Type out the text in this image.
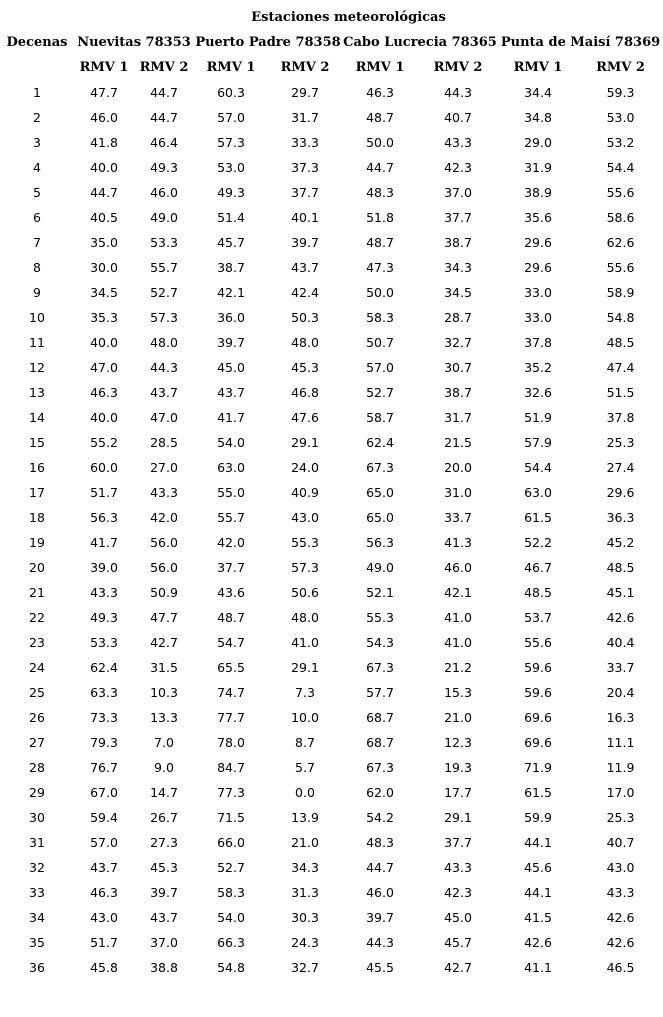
	Estaciones meteorológicas							
Decenas	Nuevitas 78353		Puerto Padre 78358		Cabo Lucrecia 78365		Punta de Maisí 78369	
	RMV 1	RMV 2	RMV 1	RMV 2	RMV 1	RMV 2	RMV 1	RMV 2
1	47.7	44.7	60.3	29.7	46.3	44.3	34.4	59.3
2	46.0	44.7	57.0	31.7	48.7	40.7	34.8	53.0
3	41.8	46.4	57.3	33.3	50.0	43.3	29.0	53.2
4	40.0	49.3	53.0	37.3	44.7	42.3	31.9	54.4
5	44.7	46.0	49.3	37.7	48.3	37.0	38.9	55.6
6	40.5	49.0	51.4	40.1	51.8	37.7	35.6	58.6
7	35.0	53.3	45.7	39.7	48.7	38.7	29.6	62.6
8	30.0	55.7	38.7	43.7	47.3	34.3	29.6	55.6
9	34.5	52.7	42.1	42.4	50.0	34.5	33.0	58.9
10	35.3	57.3	36.0	50.3	58.3	28.7	33.0	54.8
11	40.0	48.0	39.7	48.0	50.7	32.7	37.8	48.5
12	47.0	44.3	45.0	45.3	57.0	30.7	35.2	47.4
13	46.3	43.7	43.7	46.8	52.7	38.7	32.6	51.5
14	40.0	47.0	41.7	47.6	58.7	31.7	51.9	37.8
15	55.2	28.5	54.0	29.1	62.4	21.5	57.9	25.3
16	60.0	27.0	63.0	24.0	67.3	20.0	54.4	27.4
17	51.7	43.3	55.0	40.9	65.0	31.0	63.0	29.6
18	56.3	42.0	55.7	43.0	65.0	33.7	61.5	36.3
19	41.7	56.0	42.0	55.3	56.3	41.3	52.2	45.2
20	39.0	56.0	37.7	57.3	49.0	46.0	46.7	48.5
21	43.3	50.9	43.6	50.6	52.1	42.1	48.5	45.1
22	49.3	47.7	48.7	48.0	55.3	41.0	53.7	42.6
23	53.3	42.7	54.7	41.0	54.3	41.0	55.6	40.4
24	62.4	31.5	65.5	29.1	67.3	21.2	59.6	33.7
25	63.3	10.3	74.7	7.3	57.7	15.3	59.6	20.4
26	73.3	13.3	77.7	10.0	68.7	21.0	69.6	16.3
27	79.3	7.0	78.0	8.7	68.7	12.3	69.6	11.1
28	76.7	9.0	84.7	5.7	67.3	19.3	71.9	11.9
29	67.0	14.7	77.3	0.0	62.0	17.7	61.5	17.0
30	59.4	26.7	71.5	13.9	54.2	29.1	59.9	25.3
31	57.0	27.3	66.0	21.0	48.3	37.7	44.1	40.7
32	43.7	45.3	52.7	34.3	44.7	43.3	45.6	43.0
33	46.3	39.7	58.3	31.3	46.0	42.3	44.1	43.3
34	43.0	43.7	54.0	30.3	39.7	45.0	41.5	42.6
35	51.7	37.0	66.3	24.3	44.3	45.7	42.6	42.6
36	45.8	38.8	54.8	32.7	45.5	42.7	41.1	46.5
